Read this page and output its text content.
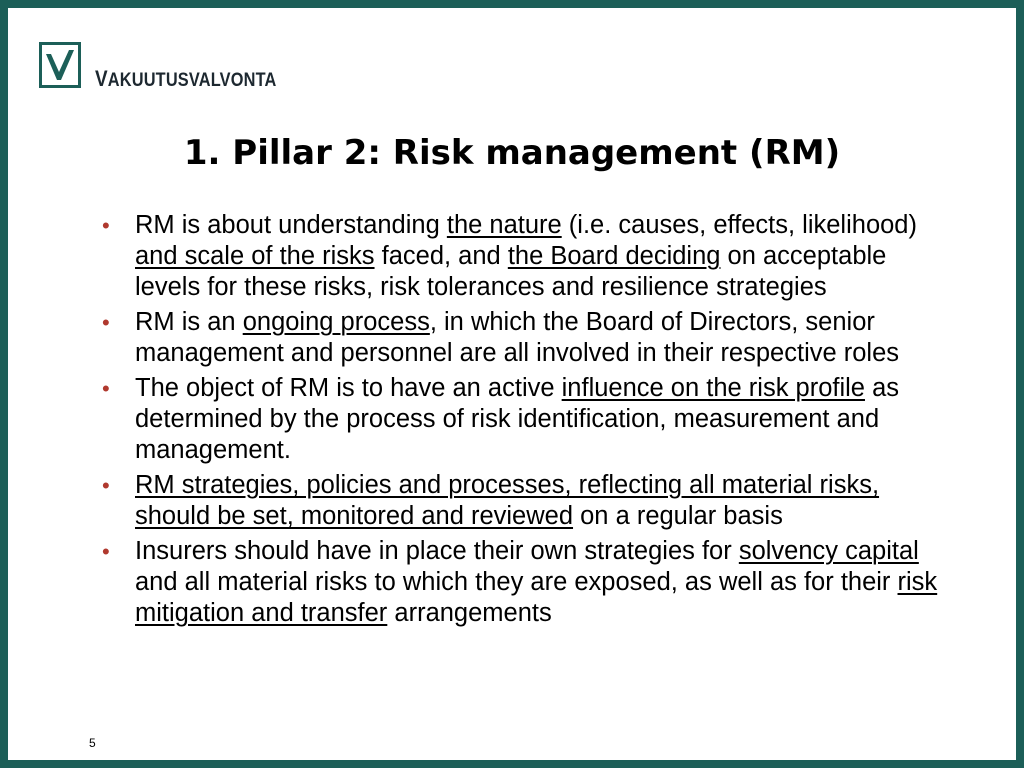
VAKUUTUSVALVONTA
1. Pillar 2: Risk management (RM)
• RM is about understanding the nature (i.e. causes, effects, likelihood) and scale of the risks faced, and the Board deciding on acceptable levels for these risks, risk tolerances and resilience strategies
• RM is an ongoing process, in which the Board of Directors, senior management and personnel are all involved in their respective roles
• The object of RM is to have an active influence on the risk profile as determined by the process of risk identification, measurement and management.
• RM strategies, policies and processes, reflecting all material risks, should be set, monitored and reviewed on a regular basis
• Insurers should have in place their own strategies for solvency capital and all material risks to which they are exposed, as well as for their risk mitigation and transfer arrangements
5
